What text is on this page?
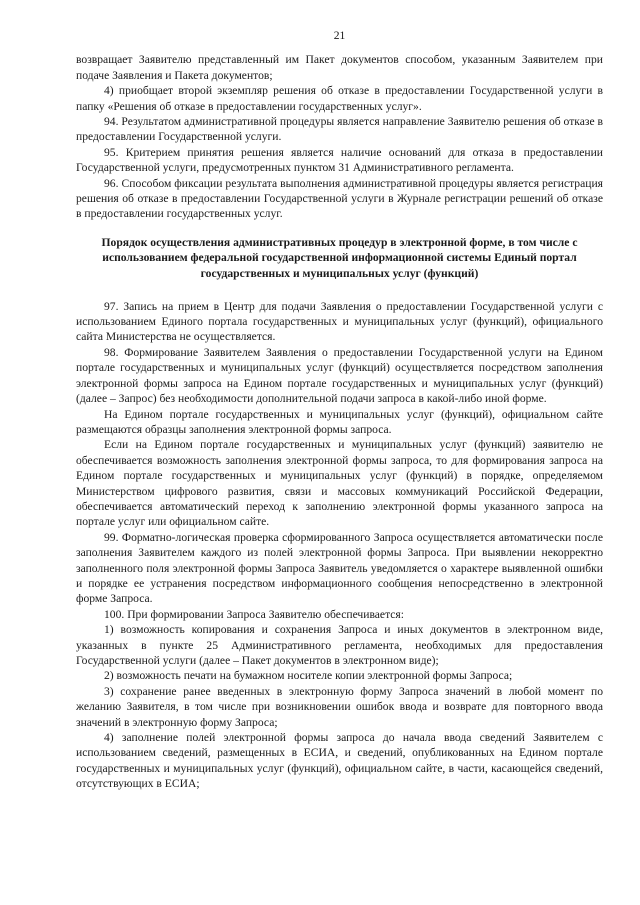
21

возвращает Заявителю представленный им Пакет документов способом, указанным Заявителем при подаче Заявления и Пакета документов;

4) приобщает второй экземпляр решения об отказе в предоставлении Государственной услуги в папку «Решения об отказе в предоставлении государственных услуг».

94. Результатом административной процедуры является направление Заявителю решения об отказе в предоставлении Государственной услуги.

95. Критерием принятия решения является наличие оснований для отказа в предоставлении Государственной услуги, предусмотренных пунктом 31 Административного регламента.

96. Способом фиксации результата выполнения административной процедуры является регистрация решения об отказе в предоставлении Государственной услуги в Журнале регистрации решений об отказе в предоставлении государственных услуг.

Порядок осуществления административных процедур в электронной форме, в том числе с использованием федеральной государственной информационной системы Единый портал государственных и муниципальных услуг (функций)

97. Запись на прием в Центр для подачи Заявления о предоставлении Государственной услуги с использованием Единого портала государственных и муниципальных услуг (функций), официального сайта Министерства не осуществляется.

98. Формирование Заявителем Заявления о предоставлении Государственной услуги на Едином портале государственных и муниципальных услуг (функций) осуществляется посредством заполнения электронной формы запроса на Едином портале государственных и муниципальных услуг (функций) (далее – Запрос) без необходимости дополнительной подачи запроса в какой-либо иной форме.

На Едином портале государственных и муниципальных услуг (функций), официальном сайте размещаются образцы заполнения электронной формы запроса.

Если на Едином портале государственных и муниципальных услуг (функций) заявителю не обеспечивается возможность заполнения электронной формы запроса, то для формирования запроса на Едином портале государственных и муниципальных услуг (функций) в порядке, определяемом Министерством цифрового развития, связи и массовых коммуникаций Российской Федерации, обеспечивается автоматический переход к заполнению электронной формы указанного запроса на портале услуг или официальном сайте.

99. Форматно-логическая проверка сформированного Запроса осуществляется автоматически после заполнения Заявителем каждого из полей электронной формы Запроса. При выявлении некорректно заполненного поля электронной формы Запроса Заявитель уведомляется о характере выявленной ошибки и порядке ее устранения посредством информационного сообщения непосредственно в электронной форме Запроса.

100. При формировании Запроса Заявителю обеспечивается:

1) возможность копирования и сохранения Запроса и иных документов в электронном виде, указанных в пункте 25 Административного регламента, необходимых для предоставления Государственной услуги (далее – Пакет документов в электронном виде);

2) возможность печати на бумажном носителе копии электронной формы Запроса;

3) сохранение ранее введенных в электронную форму Запроса значений в любой момент по желанию Заявителя, в том числе при возникновении ошибок ввода и возврате для повторного ввода значений в электронную форму Запроса;

4) заполнение полей электронной формы запроса до начала ввода сведений Заявителем с использованием сведений, размещенных в ЕСИА, и сведений, опубликованных на Едином портале государственных и муниципальных услуг (функций), официальном сайте, в части, касающейся сведений, отсутствующих в ЕСИА;
